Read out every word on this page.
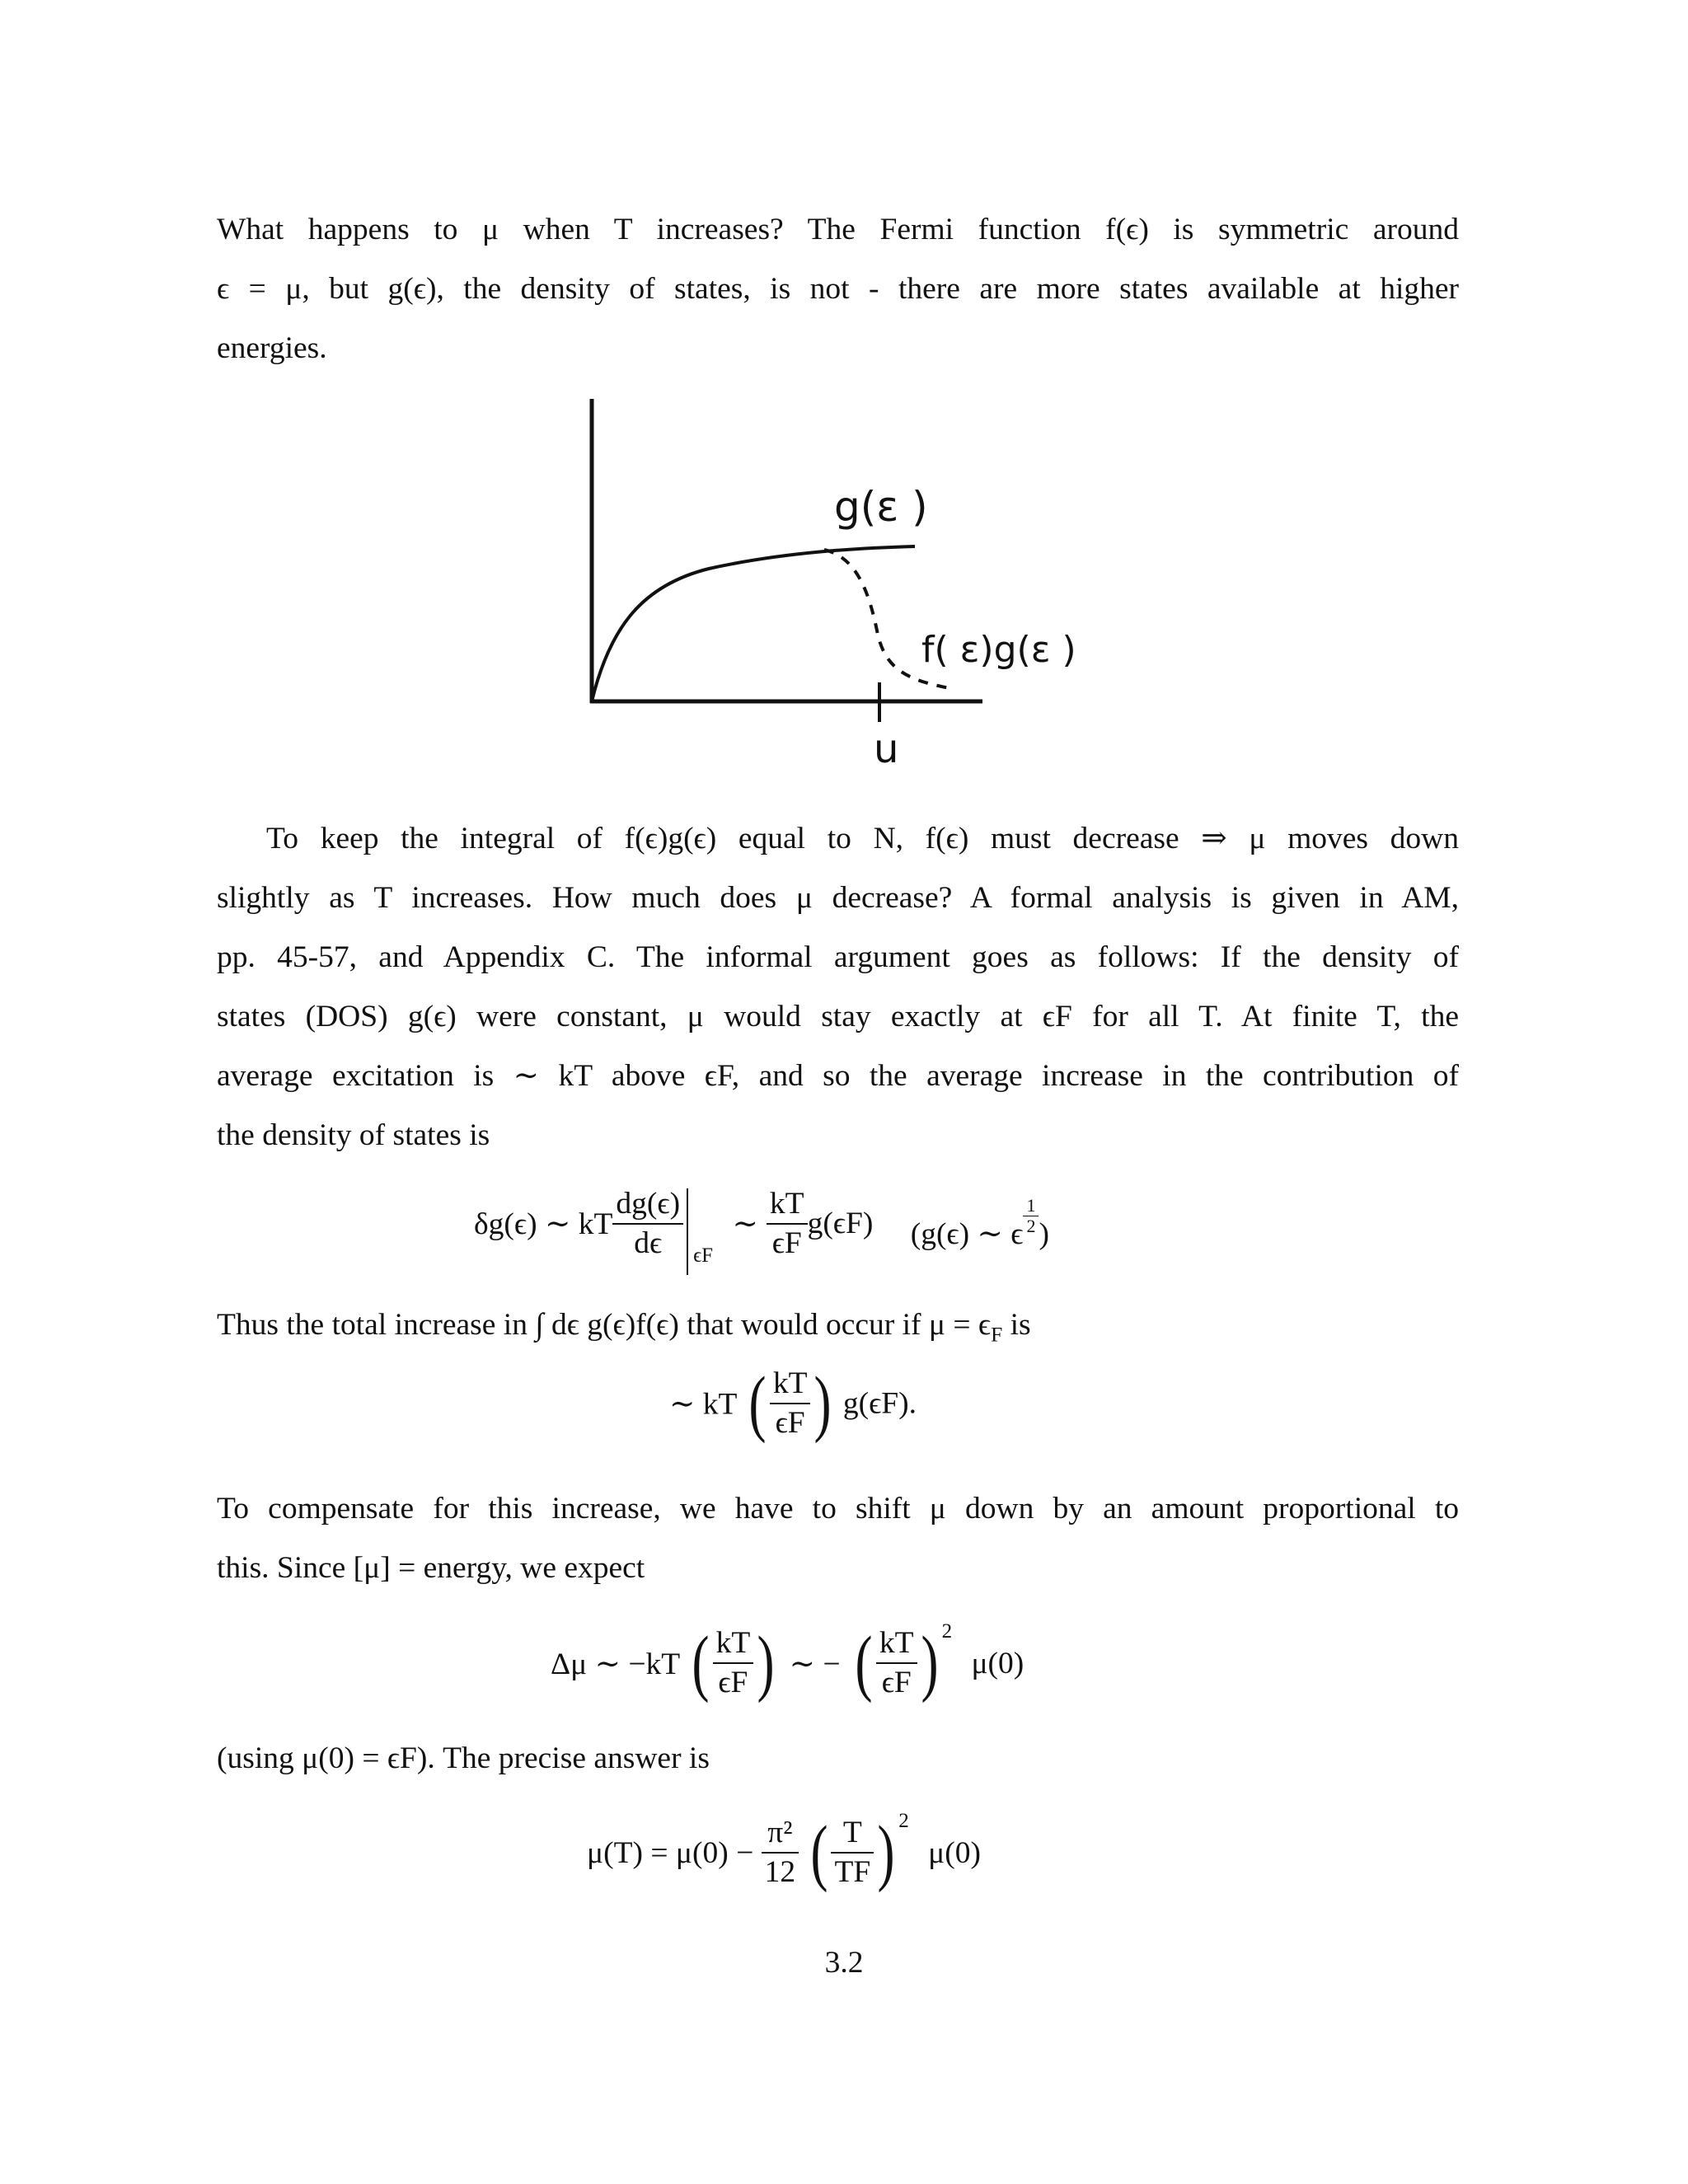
What happens to μ when T increases? The Fermi function f(ϵ) is symmetric around
ϵ = μ, but g(ϵ), the density of states, is not - there are more states available at higher
energies.
g(ε )
f( ε)g(ε )
u
To keep the integral of f(ϵ)g(ϵ) equal to N, f(ϵ) must decrease ⇒ μ moves down
slightly as T increases. How much does μ decrease? A formal analysis is given in AM,
pp. 45-57, and Appendix C. The informal argument goes as follows: If the density of
states (DOS) g(ϵ) were constant, μ would stay exactly at ϵF for all T. At finite T, the
average excitation is ∼ kT above ϵF, and so the average increase in the contribution of
the density of states is
δg(ϵ) ∼ kT $\frac{dg(\epsilon)}{d\epsilon} _{\epsilon F}$ ∼ $\frac{kT}{\epsilon F} g(\epsilon F)$ (g(ϵ) ∼ ϵ $\frac{1}{2}$ )
Thus the total increase in ∫ dϵ g(ϵ)f(ϵ) that would occur if $\mu = \epsilon_F$ is
∼ kT ( $\frac{kT}{\epsilon F}$ ) g(ϵF).
To compensate for this increase, we have to shift μ down by an amount proportional to
this. Since [μ] = energy, we expect
Δμ ∼ −kT ( $\frac{kT}{\epsilon F}$ ) ∼ − ( $\frac{kT}{\epsilon F}$ ) $^2$ μ(0)
(using μ(0) = ϵF). The precise answer is
$\mu(T) = \mu(0) - \frac{\text{π²}}{12}$ ( $\frac{T}{TF}$ ) $^2$ μ(0)
3.2
